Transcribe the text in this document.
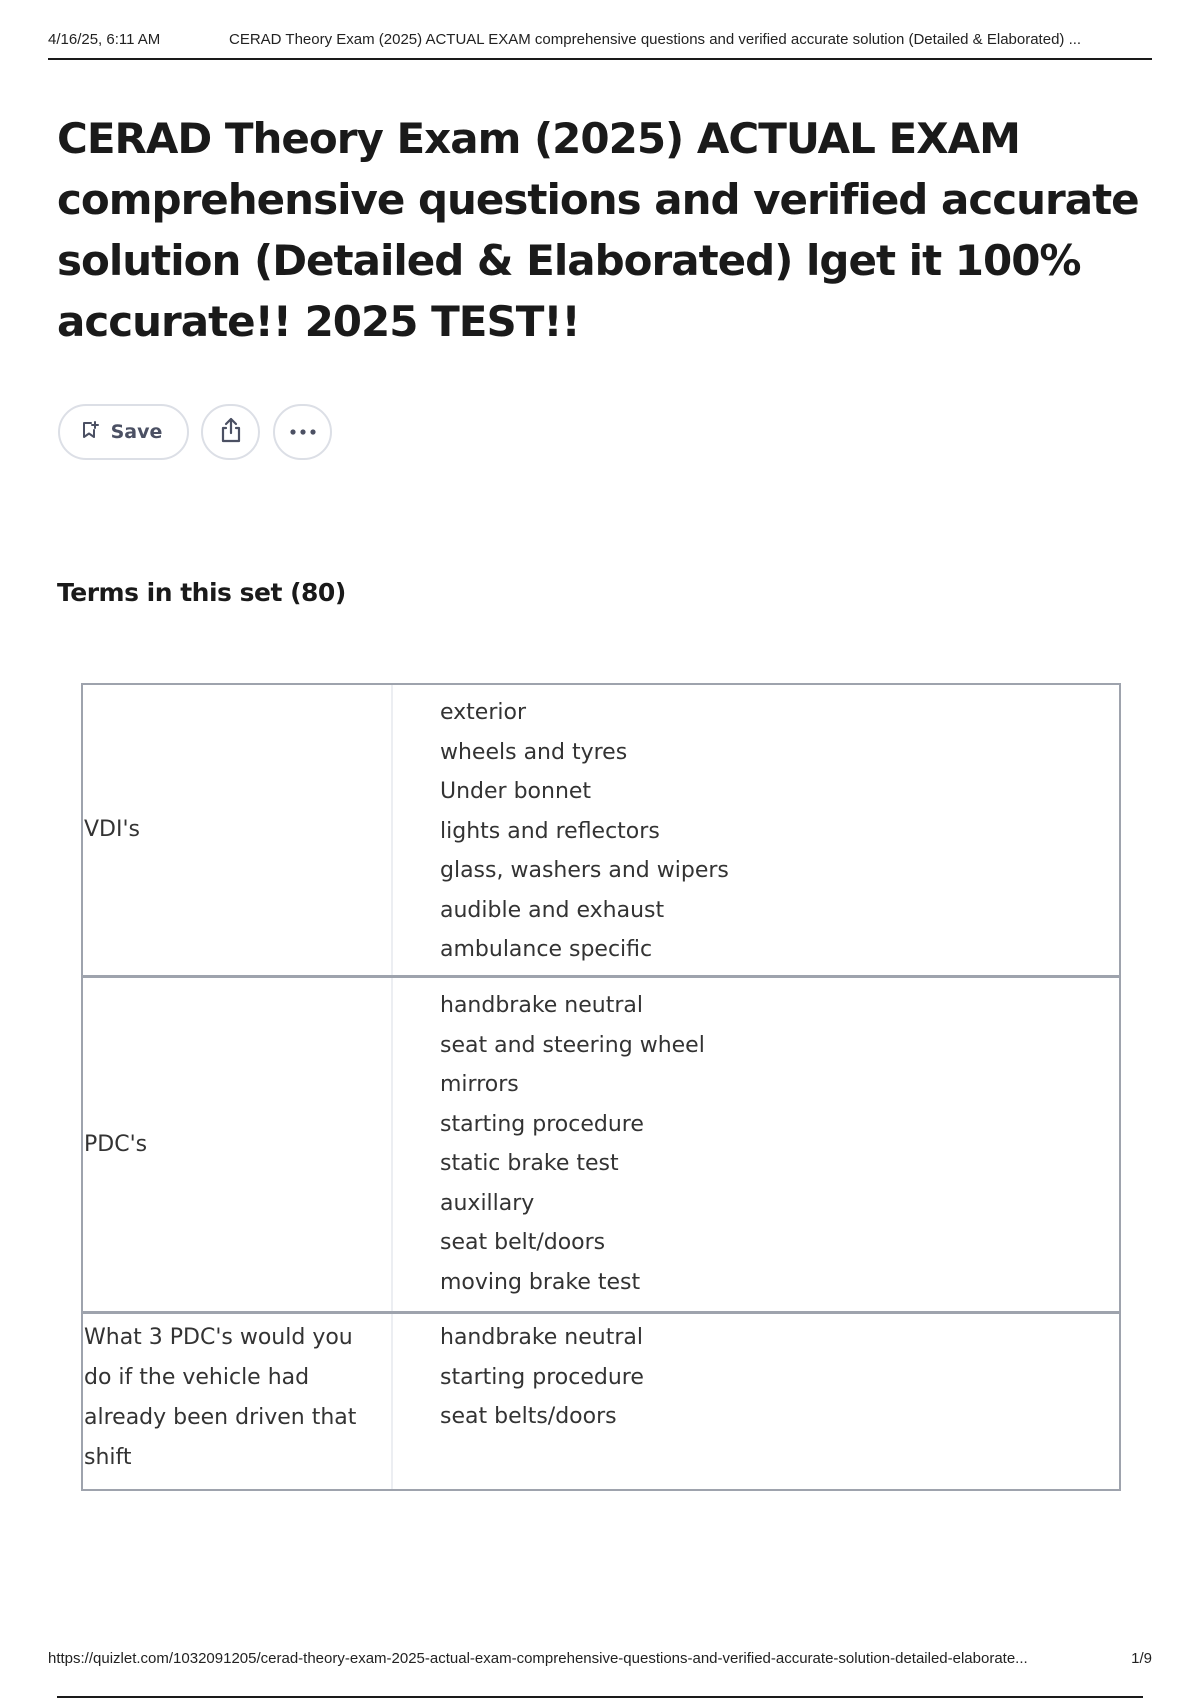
4/16/25, 6:11 AM	CERAD Theory Exam (2025) ACTUAL EXAM comprehensive questions and verified accurate solution (Detailed & Elaborated) ...
CERAD Theory Exam (2025) ACTUAL EXAM comprehensive questions and verified accurate solution (Detailed & Elaborated) lget it 100% accurate!! 2025 TEST!!
Save
Terms in this set (80)
VDI's
exterior
wheels and tyres
Under bonnet
lights and reflectors
glass, washers and wipers
audible and exhaust
ambulance specific
PDC's
handbrake neutral
seat and steering wheel
mirrors
starting procedure
static brake test
auxillary
seat belt/doors
moving brake test
What 3 PDC's would you do if the vehicle had already been driven that shift
handbrake neutral
starting procedure
seat belts/doors
https://quizlet.com/1032091205/cerad-theory-exam-2025-actual-exam-comprehensive-questions-and-verified-accurate-solution-detailed-elaborate...	1/9
